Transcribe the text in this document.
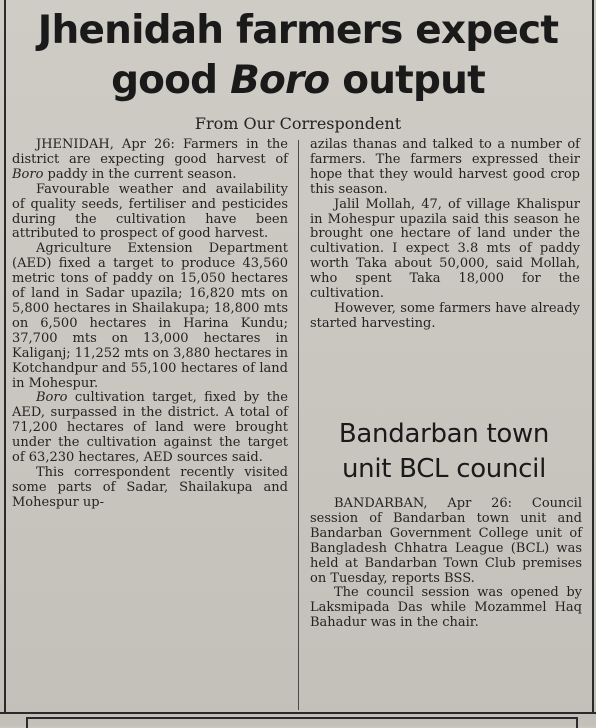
Jhenidah farmers expect
good Boro output
From Our Correspondent

JHENIDAH, Apr 26: Farmers in the district are expecting good harvest of Boro paddy in the current season.

Favourable weather and availability of quality seeds, fertiliser and pesticides during the cultivation have been attributed to prospect of good harvest.

Agriculture Extension Department (AED) fixed a target to produce 43,560 metric tons of paddy on 15,050 hectares of land in Sadar upazila; 16,820 mts on 5,800 hectares in Shailakupa; 18,800 mts on 6,500 hectares in Harina Kundu; 37,700 mts on 13,000 hectares in Kaliganj; 11,252 mts on 3,880 hectares in Kotchandpur and 55,100 hectares of land in Mohespur.

Boro cultivation target, fixed by the AED, surpassed in the district. A total of 71,200 hectares of land were brought under the cultivation against the target of 63,230 hectares, AED sources said.

This correspondent recently visited some parts of Sadar, Shailakupa and Mohespur up-

azilas thanas and talked to a number of farmers. The farmers expressed their hope that they would harvest good crop this season.

Jalil Mollah, 47, of village Khalispur in Mohespur upazila said this season he brought one hectare of land under the cultivation. I expect 3.8 mts of paddy worth Taka about 50,000, said Mollah, who spent Taka 18,000 for the cultivation.

However, some farmers have already started harvesting.

Bandarban town
unit BCL council

BANDARBAN, Apr 26: Council session of Bandarban town unit and Bandarban Government College unit of Bangladesh Chhatra League (BCL) was held at Bandarban Town Club premises on Tuesday, reports BSS.

The council session was opened by Laksmipada Das while Mozammel Haq Bahadur was in the chair.
